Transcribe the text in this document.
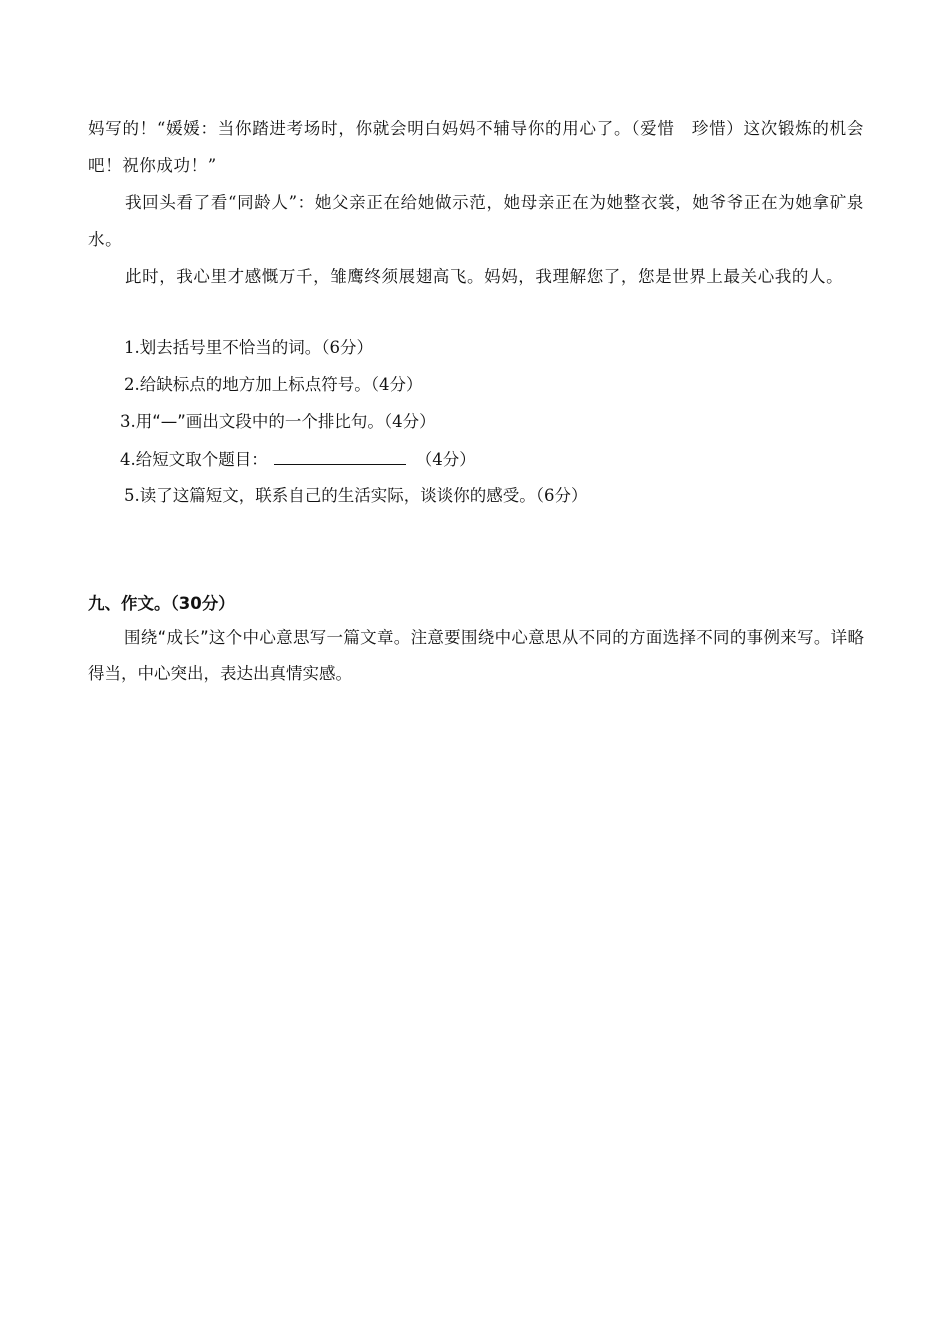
妈写的！“媛媛：当你踏进考场时，你就会明白妈妈不辅导你的用心了。（爱惜　珍惜）这次锻炼的机会吧！祝你成功！”

我回头看了看“同龄人”：她父亲正在给她做示范，她母亲正在为她整衣裳，她爷爷正在为她拿矿泉水。

此时，我心里才感慨万千，雏鹰终须展翅高飞。妈妈，我理解您了，您是世界上最关心我的人。

1.划去括号里不恰当的词。（6分）

2.给缺标点的地方加上标点符号。（4分）

3.用“—”画出文段中的一个排比句。（4分）

4.给短文取个题目：	（4分）

5.读了这篇短文，联系自己的生活实际，谈谈你的感受。（6分）

九、作文。（30分）

围绕“成长”这个中心意思写一篇文章。注意要围绕中心意思从不同的方面选择不同的事例来写。详略得当，中心突出，表达出真情实感。
